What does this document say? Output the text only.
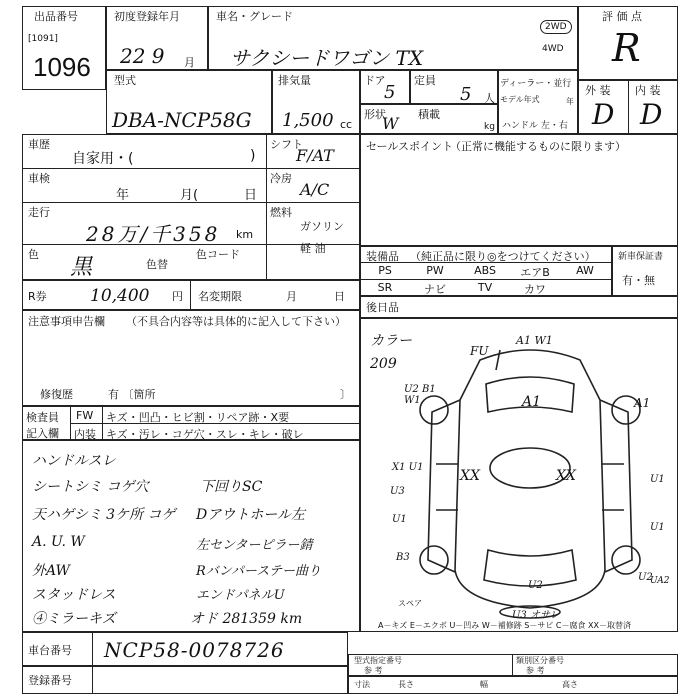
出品番号
[1091]
1096
初度登録年月
22 9 月
車名・グレード
サクシードワゴン TX
2WD
4WD
評 価 点
R
外 装 内 装
D D
型式
DBA-NCP58G
排気量
1,500 cc
ドア
5
定員
5 人
形状
W 積載
kg
ディーラー・並行
モデル年式	年
ハンドル 左・右
車歴
自家用・(	)
シフト
F/AT
車検
年	月(	日
冷房
A/C
走行
28万/千358 km
燃料
ガソリン
軽 油
色
黒	色替
色コード
R券	10,400 円 名変期限	月	日
セールスポイント
（正常に機能するものに限ります）
装備品 （純正品に限り◎をつけてください）
PS	PW	ABS	エアB	AW
SR	ナビ	TV	カワ
新車保証書
有・無
後日品
注意事項申告欄 （不具合内容等は具体的に記入して下さい）
修復歴	有 〔箇所	〕
検査員
記入欄
FW キズ・凹凸・ヒビ割・リペア跡・X要
内装 キズ・汚レ・コゲ穴・スレ・キレ・破レ
ハンドルスレ
シートシミ コゲ穴
天ハゲシミ 3ケ所 コゲ
A. U. W
外AW
スタッドレス
④ミラーキズ
下回りSC
Dアウトホール左
左センターピラー錆
Rバンパーステー曲り
エンドパネルU
オド 281359 km
カラー
209
FU
A1 W1
A1	A1
XX	XX
U2 B1 W1
X1 U1
U1
U3
U1
B3
U2
U2
U3 オサレ
UA2
U1
スペア
A－キズ E－エクボ U－凹み W－補修跡 S－サビ C－腐食 XX－取替済
車台番号 NCP58-0078726
登録番号
型式指定番号
参 考
類別区分番号
参 考
寸法	長さ	幅	高さ
